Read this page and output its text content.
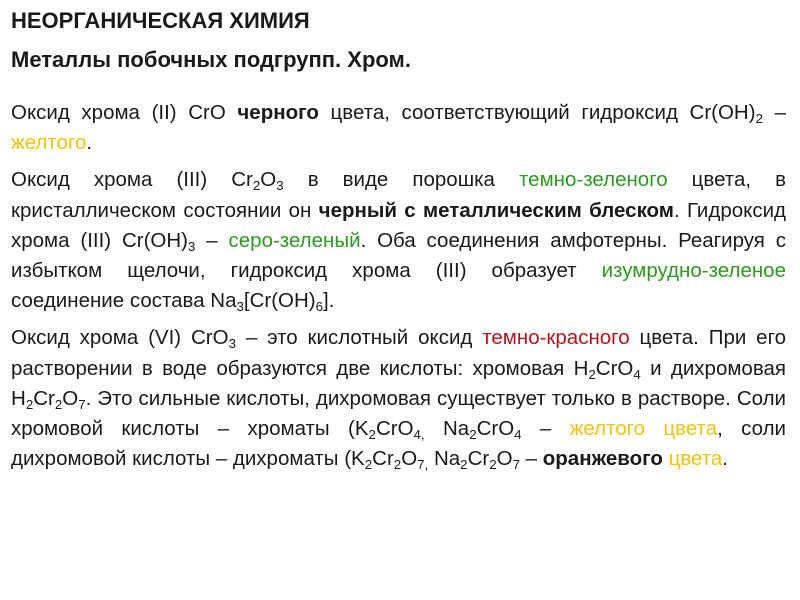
НЕОРГАНИЧЕСКАЯ ХИМИЯ
Металлы побочных подгрупп. Хром.

Оксид хрома (II) CrO черного цвета, соответствующий гидроксид $Cr(OH)_2$ – желтого.

Оксид хрома (III) $Cr_2O_3$ в виде порошка темно-зеленого цвета, в кристаллическом состоянии он черный с металлическим блеском. Гидроксид хрома (III) $Cr(OH)_3$ – серо-зеленый. Оба соединения амфотерны. Реагируя с избытком щелочи, гидроксид хрома (III) образует изумрудно-зеленое соединение состава $Na_3[Cr(OH)_6]$.

Оксид хрома (VI) CrO$_3$ – это кислотный оксид темно-красного цвета. При его растворении в воде образуются две кислоты: хромовая $H_2CrO_4$ и дихромовая $H_2Cr_2O_7$. Это сильные кислоты, дихромовая существует только в растворе. Соли хромовой кислоты – хроматы ($K_2CrO_{4,}$ $Na_2CrO_4$ – желтого цвета, соли дихромовой кислоты – дихроматы ($K_2Cr_2O_{7,}$ $Na_2Cr_2O_7$ – оранжевого цвета.
